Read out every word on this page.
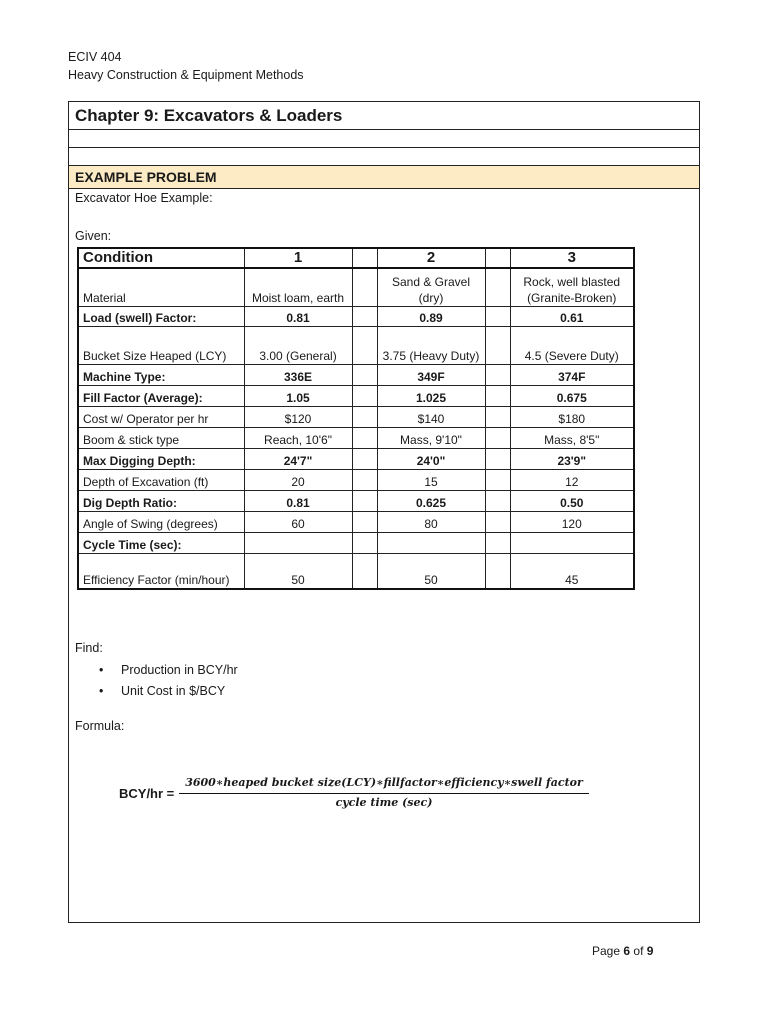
ECIV 404
Heavy Construction & Equipment Methods
Chapter 9: Excavators & Loaders
EXAMPLE PROBLEM
Excavator Hoe Example:
Given:
Condition	1		2		3
Material	Moist loam, earth		Sand & Gravel (dry)		Rock, well blasted (Granite-Broken)
Load (swell) Factor:	0.81		0.89		0.61
Bucket Size Heaped (LCY)	3.00 (General)		3.75 (Heavy Duty)		4.5 (Severe Duty)
Machine Type:	336E		349F		374F
Fill Factor (Average):	1.05		1.025		0.675
Cost w/ Operator per hr	$120		$140		$180
Boom & stick type	Reach, 10'6"		Mass, 9'10"		Mass, 8'5"
Max Digging Depth:	24'7"		24'0"		23'9"
Depth of Excavation (ft)	20		15		12
Dig Depth Ratio:	0.81		0.625		0.50
Angle of Swing (degrees)	60		80		120
Cycle Time (sec):					
Efficiency Factor (min/hour)	50		50		45
Find:
• Production in BCY/hr
• Unit Cost in $/BCY
Formula:
BCY/hr =
3600∗heaped bucket size(LCY)∗fillfactor∗efficiency∗swell factor
cycle time (sec)
Page 6 of 9
